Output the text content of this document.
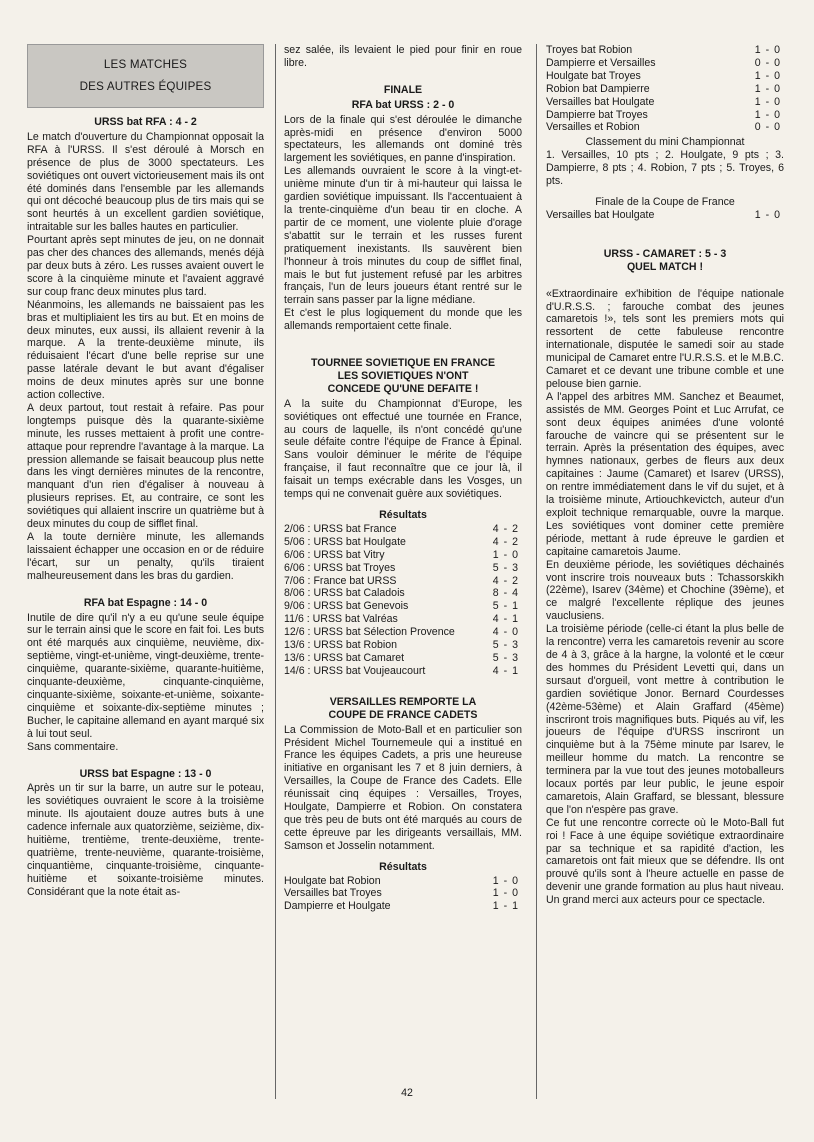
LES MATCHES
DES AUTRES ÉQUIPES
URSS bat RFA : 4 - 2

Le match d'ouverture du Championnat opposait la RFA à l'URSS. Il s'est déroulé à Morsch en présence de plus de 3000 spectateurs. Les soviétiques ont ouvert victorieusement mais ils ont été dominés dans l'ensemble par les allemands qui ont décoché beaucoup plus de tirs mais qui se sont heurtés à un excellent gardien soviétique, intraitable sur les balles hautes en particulier.

Pourtant après sept minutes de jeu, on ne donnait pas cher des chances des allemands, menés déjà par deux buts à zéro. Les russes avaient ouvert le score à la cinquième minute et l'avaient aggravé sur coup franc deux minutes plus tard.

Néanmoins, les allemands ne baissaient pas les bras et multipliaient les tirs au but. Et en moins de deux minutes, eux aussi, ils allaient revenir à la marque. A la trente-deuxième minute, ils réduisaient l'écart d'une belle reprise sur une passe latérale devant le but avant d'égaliser moins de deux minutes après sur une bonne action collective.

A deux partout, tout restait à refaire. Pas pour longtemps puisque dès la quarante-sixième minute, les russes mettaient à profit une contre-attaque pour reprendre l'avantage à la marque. La pression allemande se faisait beaucoup plus nette dans les vingt dernières minutes de la rencontre, manquant d'un rien d'égaliser à nouveau à plusieurs reprises. Et, au contraire, ce sont les soviétiques qui allaient inscrire un quatrième but à deux minutes du coup de sifflet final.

A la toute dernière minute, les allemands laissaient échapper une occasion en or de réduire l'écart, sur un penalty, qu'ils tiraient malheureusement dans les bras du gardien.

RFA bat Espagne : 14 - 0

Inutile de dire qu'il n'y a eu qu'une seule équipe sur le terrain ainsi que le score en fait foi. Les buts ont été marqués aux cinquième, neuvième, dix-septième, vingt-et-unième, vingt-deuxième, trente-cinquième, quarante-sixième, quarante-huitième, cinquante-deuxième, cinquante-cinquième, cinquante-sixième, soixante-et-unième, soixante-cinquième et soixante-dix-septième minutes ; Bucher, le capitaine allemand en ayant marqué six à lui tout seul.

Sans commentaire.

URSS bat Espagne : 13 - 0

Après un tir sur la barre, un autre sur le poteau, les soviétiques ouvraient le score à la troisième minute. Ils ajoutaient douze autres buts à une cadence infernale aux quatorzième, seizième, dix-huitième, trentième, trente-deuxième, trente-quatrième, trente-neuvième, quarante-troisième, cinquantième, cinquante-troisième, cinquante-huitième et soixante-troisième minutes. Considérant que la note était as-

sez salée, ils levaient le pied pour finir en roue libre.

FINALE
RFA bat URSS : 2 - 0

Lors de la finale qui s'est déroulée le dimanche après-midi en présence d'environ 5000 spectateurs, les allemands ont dominé très largement les soviétiques, en panne d'inspiration.

Les allemands ouvraient le score à la vingt-et-unième minute d'un tir à mi-hauteur qui laissa le gardien soviétique impuissant. Ils l'accentuaient à la trente-cinquième d'un beau tir en cloche. A partir de ce moment, une violente pluie d'orage s'abattit sur le terrain et les russes furent pratiquement inexistants. Ils sauvèrent bien l'honneur à trois minutes du coup de sifflet final, mais le but fut justement refusé par les arbitres français, l'un de leurs joueurs étant rentré sur le terrain sans passer par la ligne médiane.

Et c'est le plus logiquement du monde que les allemands remportaient cette finale.

TOURNEE SOVIETIQUE EN FRANCE
LES SOVIETIQUES N'ONT
CONCEDE QU'UNE DEFAITE !

A la suite du Championnat d'Europe, les soviétiques ont effectué une tournée en France, au cours de laquelle, ils n'ont concédé qu'une seule défaite contre l'équipe de France à Épinal. Sans vouloir déminuer le mérite de l'équipe française, il faut reconnaître que ce jour là, il faisait un temps exécrable dans les Vosges, un temps qui ne convenait guère aux soviétiques.

Résultats
2/06 : URSS bat France	4 - 2
5/06 : URSS bat Houlgate	4 - 2
6/06 : URSS bat Vitry	1 - 0
6/06 : URSS bat Troyes	5 - 3
7/06 : France bat URSS	4 - 2
8/06 : URSS bat Caladois	8 - 4
9/06 : URSS bat Genevois	5 - 1
11/6 : URSS bat Valréas	4 - 1
12/6 : URSS bat Sélection Provence	4 - 0
13/6 : URSS bat Robion	5 - 3
13/6 : URSS bat Camaret	5 - 3
14/6 : URSS bat Voujeaucourt	4 - 1
VERSAILLES REMPORTE LA
COUPE DE FRANCE CADETS

La Commission de Moto-Ball et en particulier son Président Michel Tournemeule qui a institué en France les équipes Cadets, a pris une heureuse initiative en organisant les 7 et 8 juin derniers, à Versailles, la Coupe de France des Cadets. Elle réunissait cinq équipes : Versailles, Troyes, Houlgate, Dampierre et Robion. On constatera que très peu de buts ont été marqués au cours de cette épreuve par les dirigeants versaillais, MM. Samson et Josselin notamment.

Résultats
Houlgate bat Robion	1 - 0
Versailles bat Troyes	1 - 0
Dampierre et Houlgate	1 - 1
Troyes bat Robion	1 - 0
Dampierre et Versailles	0 - 0
Houlgate bat Troyes	1 - 0
Robion bat Dampierre	1 - 0
Versailles bat Houlgate	1 - 0
Dampierre bat Troyes	1 - 0
Versailles et Robion	0 - 0
Classement du mini Championnat

1. Versailles, 10 pts ; 2. Houlgate, 9 pts ; 3. Dampierre, 8 pts ; 4. Robion, 7 pts ; 5. Troyes, 6 pts.

Finale de la Coupe de France
Versailles bat Houlgate	1 - 0
URSS - CAMARET : 5 - 3
QUEL MATCH !

«Extraordinaire ex'hibition de l'équipe nationale d'U.R.S.S. ; farouche combat des jeunes camaretois !», tels sont les premiers mots qui ressortent de cette fabuleuse rencontre internationale, disputée le samedi soir au stade municipal de Camaret entre l'U.R.S.S. et le M.B.C. Camaret et ce devant une tribune comble et une pelouse bien garnie.

A l'appel des arbitres MM. Sanchez et Beaumet, assistés de MM. Georges Point et Luc Arrufat, ce sont deux équipes animées d'une volonté farouche de vaincre qui se présentent sur le terrain. Après la présentation des équipes, avec hymnes nationaux, gerbes de fleurs aux deux capitaines : Jaume (Camaret) et Isarev (URSS), on rentre immédiatement dans le vif du sujet, et à la troisième minute, Artiouchkevictch, auteur d'un exploit technique remarquable, ouvre la marque. Les soviétiques vont dominer cette première période, mettant à rude épreuve le gardien et capitaine camaretois Jaume.

En deuxième période, les soviétiques déchainés vont inscrire trois nouveaux buts : Tchassorskikh (22ème), Isarev (34ème) et Chochine (39ème), et ce malgré l'excellente réplique des jeunes vauclusiens.

La troisième période (celle-ci étant la plus belle de la rencontre) verra les camaretois revenir au score de 4 à 3, grâce à la hargne, la volonté et le cœur des hommes du Président Levetti qui, dans un sursaut d'orgueil, vont mettre à contribution le gardien soviétique Jonor. Bernard Courdesses (42ème-53ème) et Alain Graffard (45ème) inscriront trois magnifiques buts. Piqués au vif, les joueurs de l'équipe d'URSS inscriront un cinquième but à la 75ème minute par Isarev, le meilleur homme du match. La rencontre se terminera par la vue tout des jeunes motoballeurs locaux portés par leur public, le jeune espoir camaretois, Alain Graffard, se blessant, blessure que l'on n'espère pas grave.

Ce fut une rencontre correcte où le Moto-Ball fut roi ! Face à une équipe soviétique extraordinaire par sa technique et sa rapidité d'action, les camaretois ont fait mieux que se défendre. Ils ont prouvé qu'ils sont à l'heure actuelle en passe de devenir une grande formation au plus haut niveau. Un grand merci aux acteurs pour ce spectacle.

42
